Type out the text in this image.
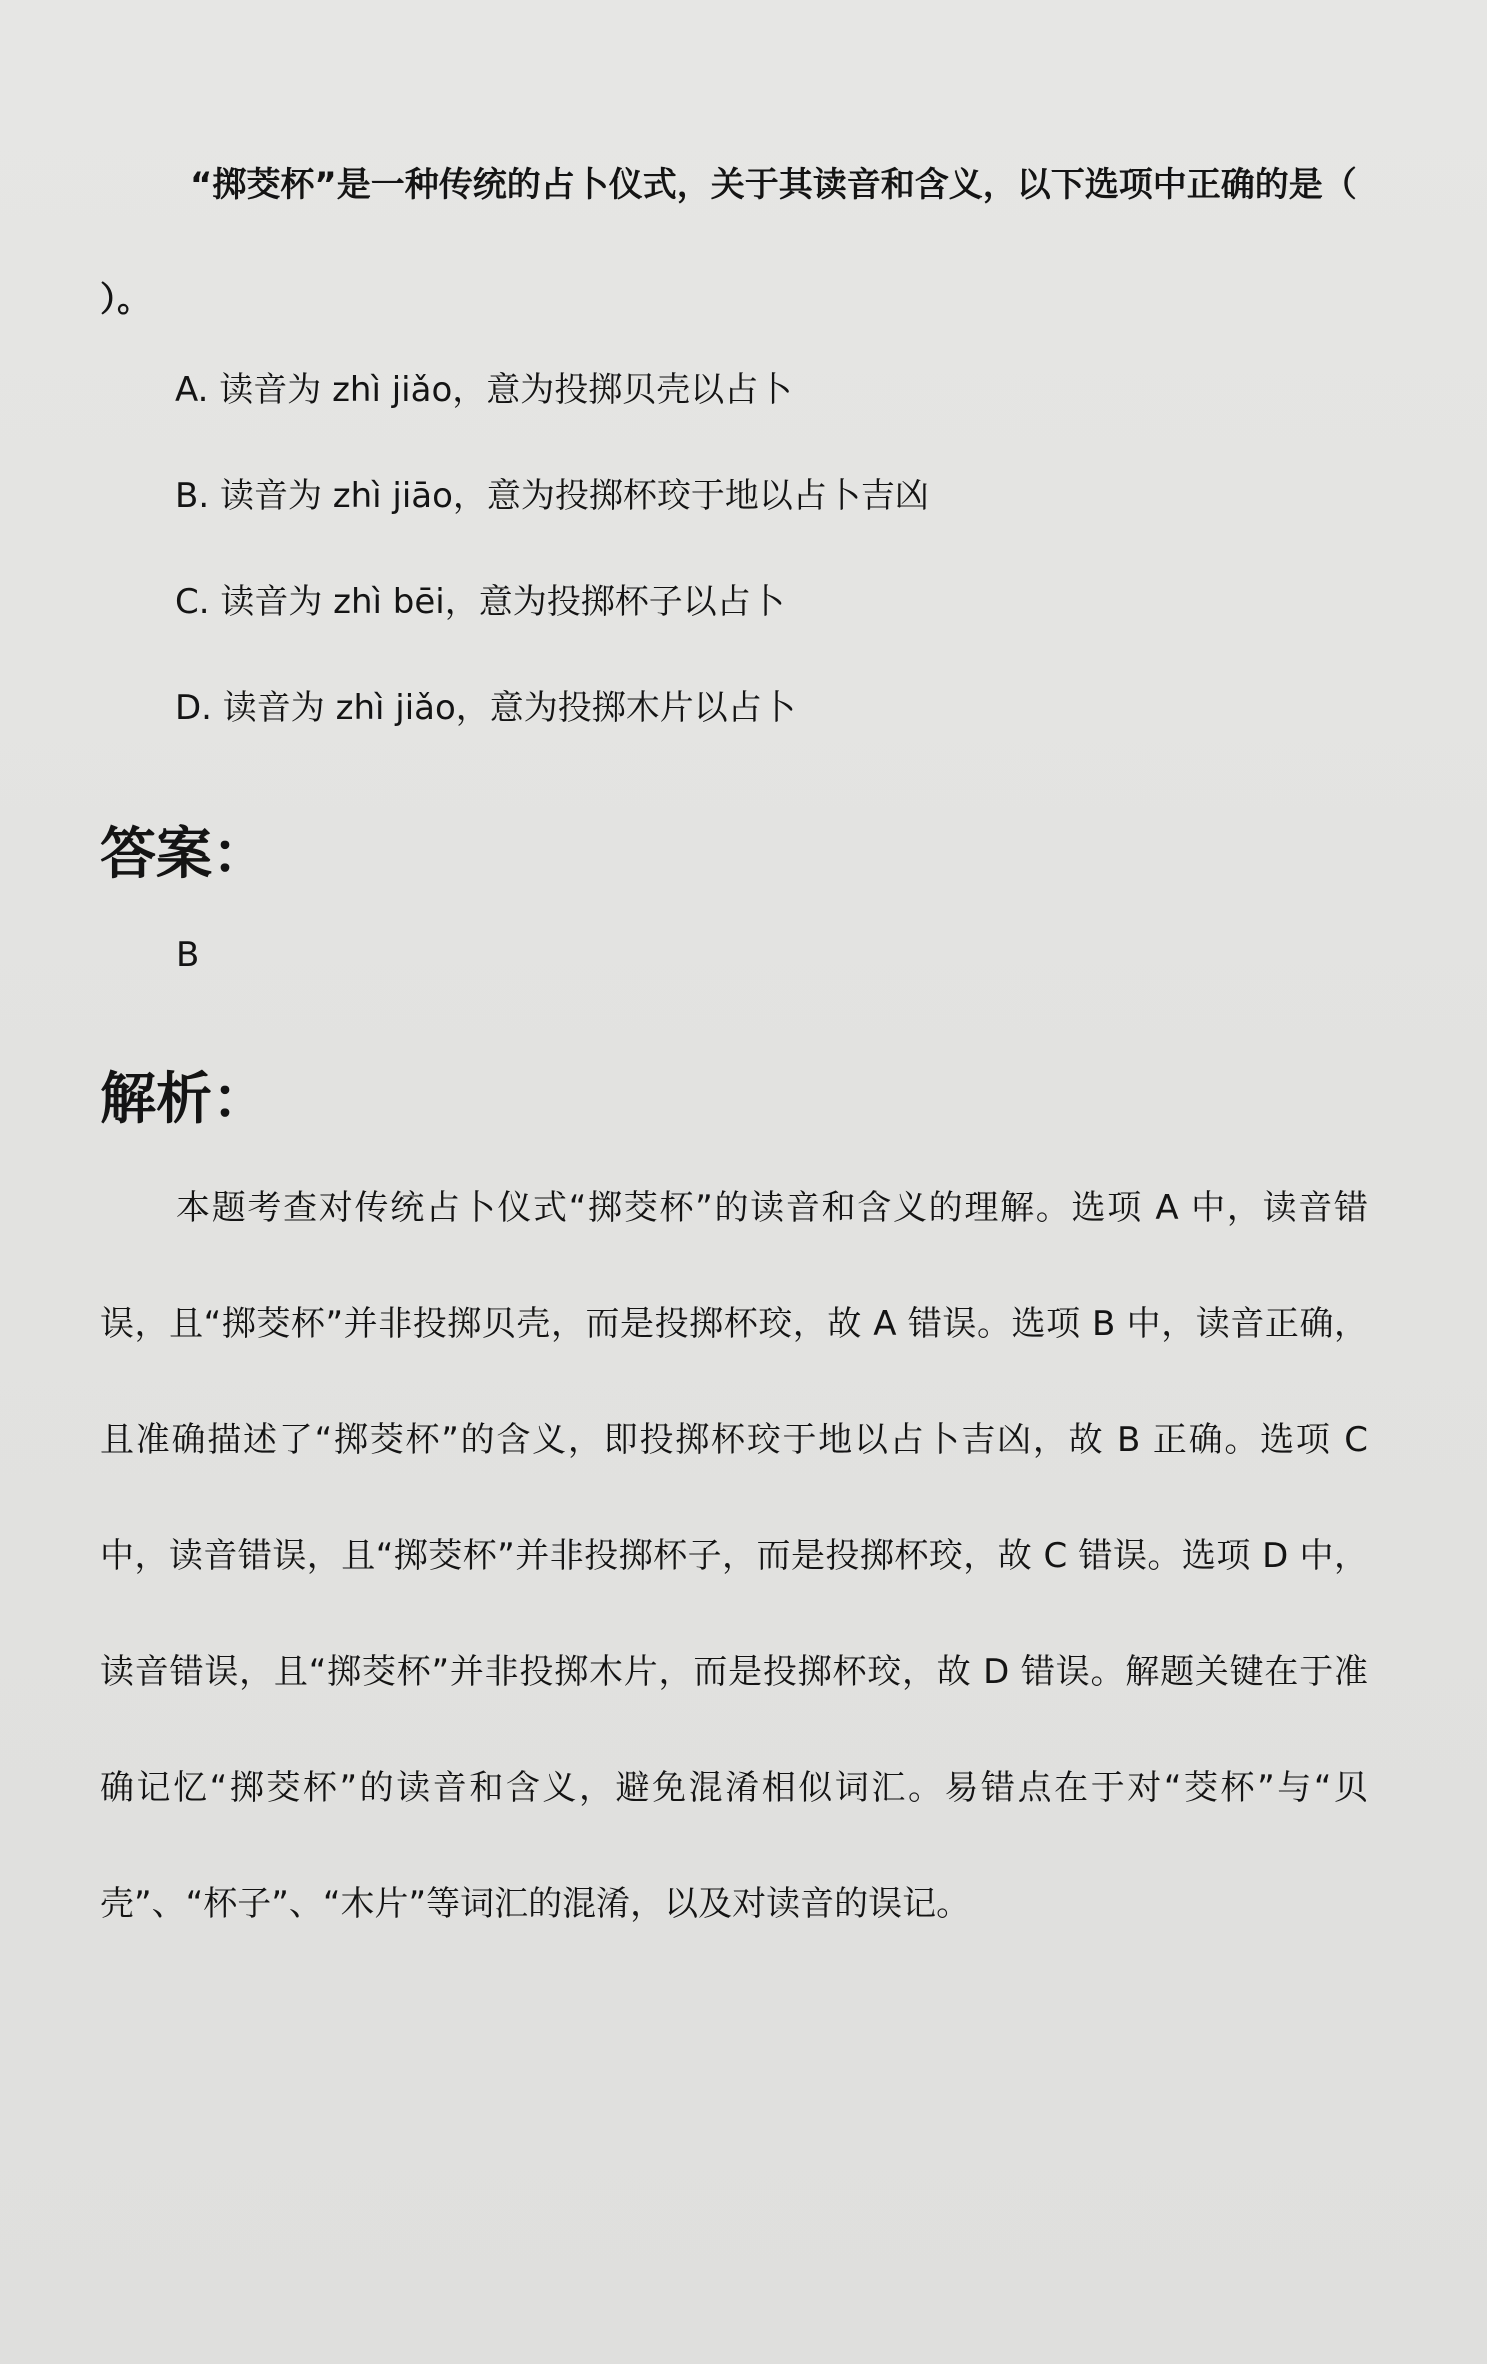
“掷茭杯”是一种传统的占卜仪式，关于其读音和含义，以下选项中正确的是（ ）。
A. 读音为 zhì jiǎo，意为投掷贝壳以占卜
B. 读音为 zhì jiāo，意为投掷杯珓于地以占卜吉凶
C. 读音为 zhì bēi，意为投掷杯子以占卜
D. 读音为 zhì jiǎo，意为投掷木片以占卜
答案：
B
解析：
本题考查对传统占卜仪式“掷茭杯”的读音和含义的理解。选项 A 中，读音错误，且“掷茭杯”并非投掷贝壳，而是投掷杯珓，故 A 错误。选项 B 中，读音正确，且准确描述了“掷茭杯”的含义，即投掷杯珓于地以占卜吉凶，故 B 正确。选项 C 中，读音错误，且“掷茭杯”并非投掷杯子，而是投掷杯珓，故 C 错误。选项 D 中，读音错误，且“掷茭杯”并非投掷木片，而是投掷杯珓，故 D 错误。解题关键在于准确记忆“掷茭杯”的读音和含义，避免混淆相似词汇。易错点在于对“茭杯”与“贝壳”、“杯子”、“木片”等词汇的混淆，以及对读音的误记。
